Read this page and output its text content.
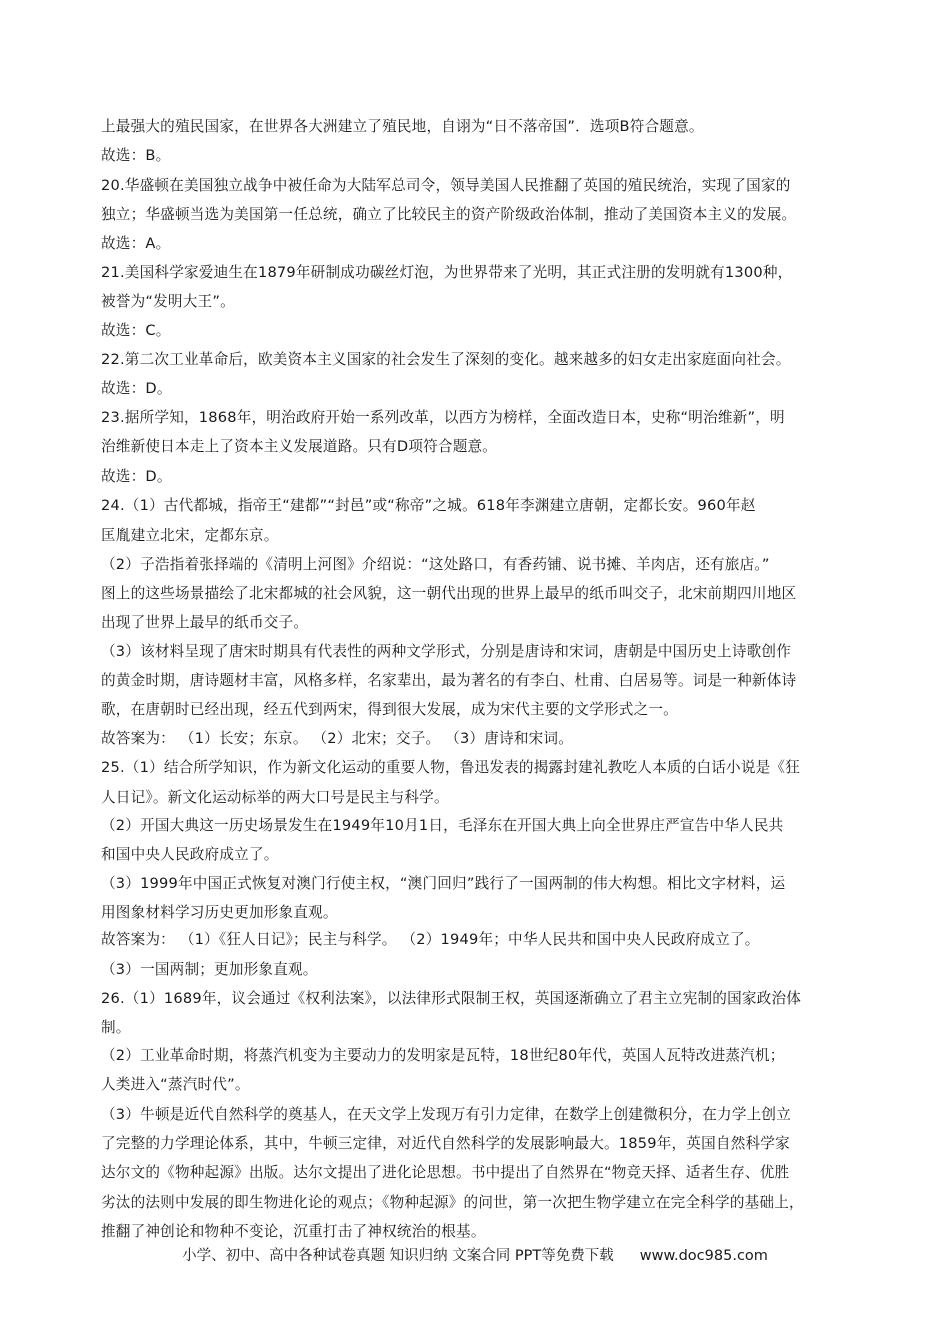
上最强大的殖民国家，在世界各大洲建立了殖民地，自诩为“日不落帝国”．选项B符合题意。
故选：B。
20.华盛顿在美国独立战争中被任命为大陆军总司令，领导美国人民推翻了英国的殖民统治，实现了国家的
独立；华盛顿当选为美国第一任总统，确立了比较民主的资产阶级政治体制，推动了美国资本主义的发展。
故选：A。
21.美国科学家爱迪生在1879年研制成功碳丝灯泡，为世界带来了光明，其正式注册的发明就有1300种，
被誉为“发明大王”。
故选：C。
22.第二次工业革命后，欧美资本主义国家的社会发生了深刻的变化。越来越多的妇女走出家庭面向社会。
故选：D。
23.据所学知，1868年，明治政府开始一系列改革，以西方为榜样，全面改造日本，史称“明治维新”，明
治维新使日本走上了资本主义发展道路。只有D项符合题意。
故选：D。
24.（1）古代都城，指帝王“建都”“封邑”或“称帝”之城。618年李渊建立唐朝，定都长安。960年赵
匡胤建立北宋，定都东京。
（2）子浩指着张择端的《清明上河图》介绍说：“这处路口，有香药铺、说书摊、羊肉店，还有旅店。”
图上的这些场景描绘了北宋都城的社会风貌，这一朝代出现的世界上最早的纸币叫交子，北宋前期四川地区
出现了世界上最早的纸币交子。
（3）该材料呈现了唐宋时期具有代表性的两种文学形式，分别是唐诗和宋词，唐朝是中国历史上诗歌创作
的黄金时期，唐诗题材丰富，风格多样，名家辈出，最为著名的有李白、杜甫、白居易等。词是一种新体诗
歌，在唐朝时已经出现，经五代到两宋，得到很大发展，成为宋代主要的文学形式之一。
故答案为： （1）长安；东京。 （2）北宋；交子。 （3）唐诗和宋词。
25.（1）结合所学知识，作为新文化运动的重要人物，鲁迅发表的揭露封建礼教吃人本质的白话小说是《狂
人日记》。新文化运动标举的两大口号是民主与科学。
（2）开国大典这一历史场景发生在1949年10月1日，毛泽东在开国大典上向全世界庄严宣告中华人民共
和国中央人民政府成立了。
（3）1999年中国正式恢复对澳门行使主权，“澳门回归”践行了一国两制的伟大构想。相比文字材料，运
用图象材料学习历史更加形象直观。
故答案为： （1）《狂人日记》；民主与科学。 （2）1949年；中华人民共和国中央人民政府成立了。
（3）一国两制；更加形象直观。
26.（1）1689年，议会通过《权利法案》，以法律形式限制王权，英国逐渐确立了君主立宪制的国家政治体
制。
（2）工业革命时期，将蒸汽机变为主要动力的发明家是瓦特，18世纪80年代，英国人瓦特改进蒸汽机；
人类进入“蒸汽时代”。
（3）牛顿是近代自然科学的奠基人，在天文学上发现万有引力定律，在数学上创建微积分，在力学上创立
了完整的力学理论体系，其中，牛顿三定律，对近代自然科学的发展影响最大。1859年，英国自然科学家
达尔文的《物种起源》出版。达尔文提出了进化论思想。书中提出了自然界在“物竞天择、适者生存、优胜
劣汰的法则中发展的即生物进化论的观点；《物种起源》的问世，第一次把生物学建立在完全科学的基础上，
推翻了神创论和物种不变论，沉重打击了神权统治的根基。
小学、初中、高中各种试卷真题 知识归纳 文案合同 PPT等免费下载 www.doc985.com
